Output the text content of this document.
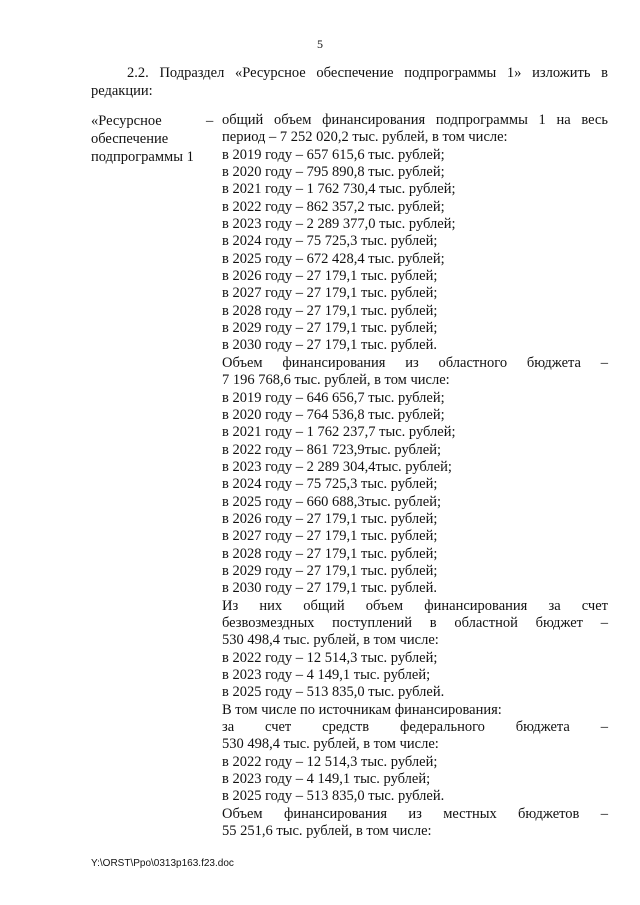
5

2.2. Подраздел «Ресурсное обеспечение подпрограммы 1» изложить в редакции:

«Ресурсное
обеспечение
подпрограммы 1
– общий объем финансирования подпрограммы 1 на весь

период – 7 252 020,2 тыс. рублей, в том числе:
в 2019 году – 657 615,6 тыс. рублей;
в 2020 году – 795 890,8 тыс. рублей;
в 2021 году – 1 762 730,4 тыс. рублей;
в 2022 году – 862 357,2 тыс. рублей;
в 2023 году – 2 289 377,0 тыс. рублей;
в 2024 году – 75 725,3 тыс. рублей;
в 2025 году – 672 428,4 тыс. рублей;
в 2026 году – 27 179,1 тыс. рублей;
в 2027 году – 27 179,1 тыс. рублей;
в 2028 году – 27 179,1 тыс. рублей;
в 2029 году – 27 179,1 тыс. рублей;
в 2030 году – 27 179,1 тыс. рублей.

Объем финансирования из областного бюджета –

7 196 768,6 тыс. рублей, в том числе:
в 2019 году – 646 656,7 тыс. рублей;
в 2020 году – 764 536,8 тыс. рублей;
в 2021 году – 1 762 237,7 тыс. рублей;
в 2022 году – 861 723,9тыс. рублей;
в 2023 году – 2 289 304,4тыс. рублей;
в 2024 году – 75 725,3 тыс. рублей;
в 2025 году – 660 688,3тыс. рублей;
в 2026 году – 27 179,1 тыс. рублей;
в 2027 году – 27 179,1 тыс. рублей;
в 2028 году – 27 179,1 тыс. рублей;
в 2029 году – 27 179,1 тыс. рублей;
в 2030 году – 27 179,1 тыс. рублей.

Из них общий объем финансирования за счет

безвозмездных поступлений в областной бюджет –

530 498,4 тыс. рублей, в том числе:
в 2022 году – 12 514,3 тыс. рублей;
в 2023 году – 4 149,1 тыс. рублей;
в 2025 году – 513 835,0 тыс. рублей.
В том числе по источникам финансирования:

за счет средств федерального бюджета –

530 498,4 тыс. рублей, в том числе:
в 2022 году – 12 514,3 тыс. рублей;
в 2023 году – 4 149,1 тыс. рублей;
в 2025 году – 513 835,0 тыс. рублей.

Объем финансирования из местных бюджетов –

55 251,6 тыс. рублей, в том числе:
Y:\ORST\Ppo\0313p163.f23.doc
